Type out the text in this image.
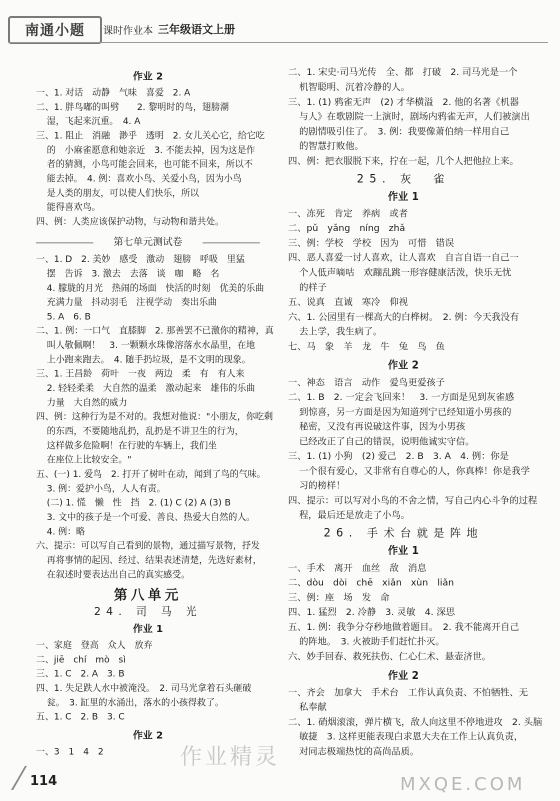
南通小题	课时作业本 三年级语文上册
作业 2
一、1. 对话　动静　气味　喜爱　2. A
二、1. 胖鸟嘟的叫劈　　2. 黎明时的鸟，翅膀潮
湿，飞起来沉重。　4. A
三、1. 阻止　消融　渺乎　透明　2. 女儿关心它，给它吃
的　小麻雀愿意和她亲近　3. 不能去掉，因为这是作
者的猜测，小鸟可能会回来，也可能不回来，所以不
能去掉。　4. 例：喜欢小鸟、关爱小鸟，因为小鸟
是人类的朋友，可以使人们快乐，所以
能得喜欢鸟。
四、例：人类应该保护动物，与动物和谐共处。
第七单元测试卷
一、1. D　2. 美妙　感受　激动　翅膀　呼吸　里猛
摆　告诉　3. 激去　去落　谈　咖　略　名
4. 朦胧的月光　热闹的场面　快活的时刻　优美的乐曲
充满力量　抖动羽毛　注视学动　奏出乐曲
5. A　6. B
二、1. 例：一口气　直膝脚　2. 那善罢不已激你的精神，真
叫人敬佩啊！　3. 一颗颗水珠像溶落水水晶里，在地
上小跑来跑去。　4. 随手扔垃圾，是不文明的现象。
三、1. 王昌龄　荷叶　一夜　两边　柔　有　有人来
2. 轻轻柔柔　大自然的温柔　激动起来　雄伟的乐曲
力量　大自然的威力
四、例：这种行为是不对的。我想对他说："小朋友，你吃剩
的东西，不要随地乱扔，乱扔是不讲卫生的行为，
这样做多危险啊！在行驶的车辆上，我们坐
在座位上比较安全。"
五、(一) 1. 爱鸟　2. 打开了树叶在动，闻到了鸟的气味。
3. 例：爱护小鸟，人人有责。
(二) 1. 慌　懒　性　挡　2. (1) C (2) A (3) B
3. 文中的孩子是一个可爱、善良、热爱大自然的人。
4. 例：略
六、提示：可以写自己看到的景物，通过描写景物，抒发
再将事情的起因、经过、结果表述清楚，先选好素材，
在叙述时要表达出自己的真实感受。
第八单元
24. 司 马 光
作业 1
一、家庭　登高　众人　放弃
二、jiē　chí　mò　sì
三、1. C　2. A　3. B
四、1. 失足跌人水中被淹没。　2. 司马光拿着石头砸破
瓮。　3. 缸里的水涌出，落水的小孩得救了。
五、1. C　2. B　3. C
作业 2
一、3　1　4　2
二、1. 宋史·司马光传　全、都　打破　2. 司马光是一个
机智聪明、沉着冷静的人。
三、1. (1) 鸦雀无声　(2) 才华横溢　2. 他的名著《机器
与人》在歌剧院一上演时，剧场内鸦雀无声，人们被演出
的剧情吸引住了。　3. 例：我要像萧伯纳一样用自己
的智慧打败他。
四、例：把衣服脱下来，拧在一起，几个人把他拉上来。
25. 灰　雀
作业 1
一、冻死　肯定　养病　或者
二、pǔ　yǎng　níng　zhǎ
三、例：学校　学校　因为　可惜　错误
四、恶人喜爱一讨人喜欢，让人喜欢　自言自语一自己一
个人低声嘀咕　欢蹦乱跳一形容健康活泼，快乐无忧
的样子
五、说真　直诚　寒冷　仰视
六、1. 公园里有一棵高大的白桦树。　2. 例：今天我没有
去上学，我生病了。
七、马　象　羊　龙　牛　兔　鸟　鱼
作业 2
一、神态　语言　动作　爱鸟更爱孩子
二、1. B　2. 一定会飞回来！　3. 一方面是见到灰雀感
到惊喜，另一方面是因为知道列宁已经知道小男孩的
秘密，又没有再说破这件事，因为小男孩
已经改正了自己的错误，说明他诚实守信。
三、1. (1) 小狗　(2) 爱己　2. B　3. A　4. 例：你是
一个很有爱心，又非常有自尊心的人，你真棒！你是我学
习的榜样！
四、提示：可以写对小鸟的不舍之情，写自己内心斗争的过程
程，最后还是放走了小鸟。
26. 手术台就是阵地
作业 1
一、手术　离开　血丝　敌　消息
二、dòu　dòi　chē　xiǎn　xùn　liǎn
三、例：座　场　发　命
四、1. 猛烈　2. 冷静　3. 灵敏　4. 深思
五、1. 例：我争分夺秒地做着题目。　2. 我不能离开自己
的阵地。　3. 火被助手们赶忙扑灭。
六、妙手回春、救死扶伤、仁心仁术、悬壶济世。
作业 2
一、齐会　加拿大　手术台　工作认真负责、不怕牺牲、无
私奉献
二、1. 硝烟滚滚，弹片横飞，敌人向这里不停地进攻　2. 头脑
敏捷　3. 这样更能表现白求恩大夫在工作上认真负责，
对同志极端热忱的高尚品质。
114
作业精灵
MXQE.COM
